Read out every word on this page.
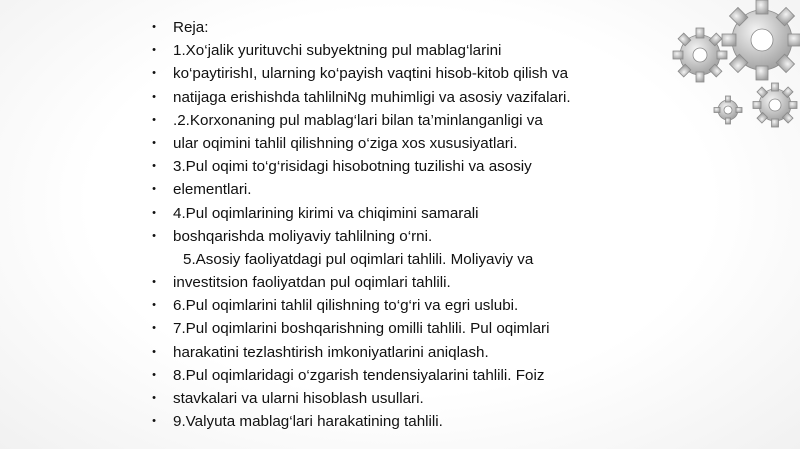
• Reja:
• 1.Xo‘jalik yurituvchi subyektning pul mablag‘larini
• ko‘paytirishI, ularning ko‘payish vaqtini hisob-kitob qilish va
• natijaga erishishda tahlilniNg muhimligi va asosiy vazifalari.
• .2.Korxonaning pul mablag‘lari bilan ta’minlanganligi va
• ular oqimini tahlil qilishning o‘ziga xos xususiyatlari.
• 3.Pul oqimi to‘g‘risidagi hisobotning tuzilishi va asosiy
• elementlari.
• 4.Pul oqimlarining kirimi va chiqimini samarali
• boshqarishda moliyaviy tahlilning o‘rni.
5.Asosiy faoliyatdagi pul oqimlari tahlili. Moliyaviy va
• investitsion faoliyatdan pul oqimlari tahlili.
• 6.Pul oqimlarini tahlil qilishning to‘g‘ri va egri uslubi.
• 7.Pul oqimlarini boshqarishning omilli tahlili. Pul oqimlari
• harakatini tezlashtirish imkoniyatlarini aniqlash.
• 8.Pul oqimlaridagi o‘zgarish tendensiyalarini tahlili. Foiz
• stavkalari va ularni hisoblash usullari.
• 9.Valyuta mablag‘lari harakatining tahlili.
